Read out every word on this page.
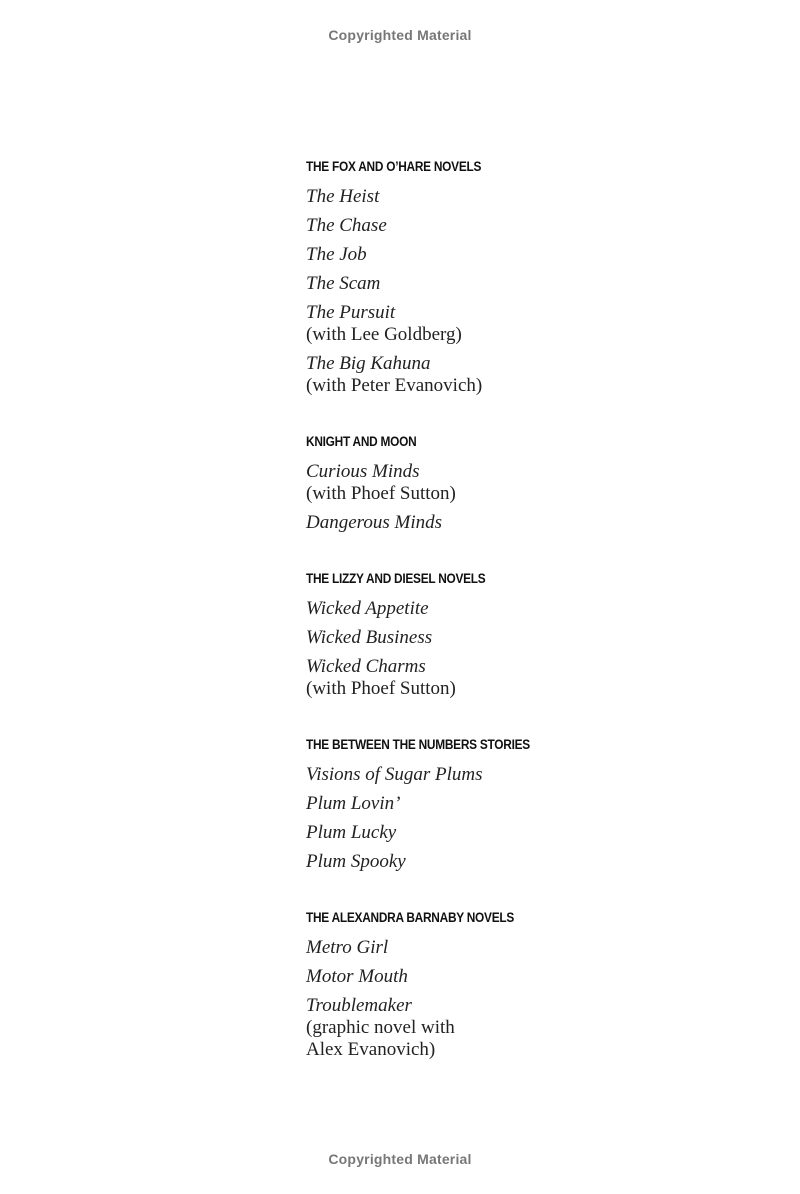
Copyrighted Material
THE FOX AND O’HARE NOVELS
The Heist
The Chase
The Job
The Scam
The Pursuit
(with Lee Goldberg)
The Big Kahuna
(with Peter Evanovich)
KNIGHT AND MOON
Curious Minds
(with Phoef Sutton)
Dangerous Minds
THE LIZZY AND DIESEL NOVELS
Wicked Appetite
Wicked Business
Wicked Charms
(with Phoef Sutton)
THE BETWEEN THE NUMBERS STORIES
Visions of Sugar Plums
Plum Lovin’
Plum Lucky
Plum Spooky
THE ALEXANDRA BARNABY NOVELS
Metro Girl
Motor Mouth
Troublemaker
(graphic novel with
Alex Evanovich)
Copyrighted Material
